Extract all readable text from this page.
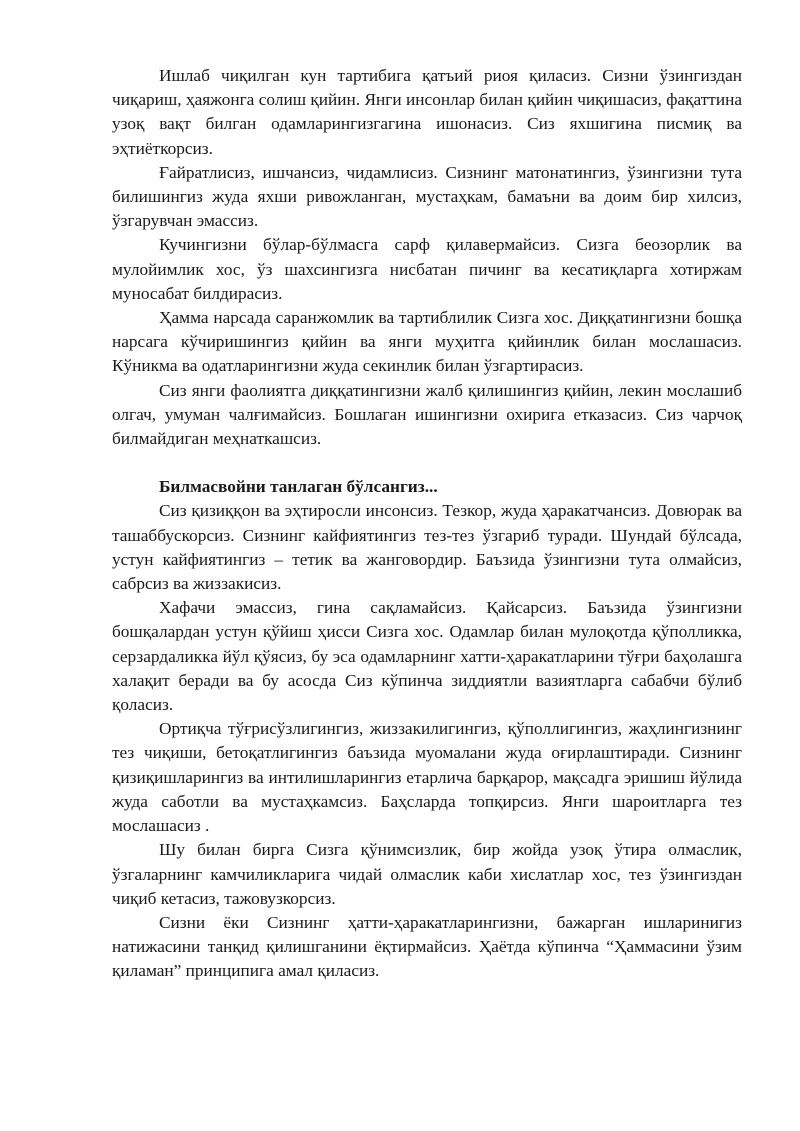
Ишлаб чиқилган кун тартибига қатъий риоя қиласиз. Сизни ўзингиздан чиқариш, ҳаяжонга солиш қийин. Янги инсонлар билан қийин чиқишасиз, фақаттина узоқ вақт билган одамларингизгагина ишонасиз. Сиз яхшигина писмиқ ва эҳтиёткорсиз.

Ғайратлисиз, ишчансиз, чидамлисиз. Сизнинг матонатингиз, ўзингизни тута билишингиз жуда яхши ривожланган, мустаҳкам, бамаъни ва доим бир хилсиз, ўзгарувчан эмассиз.

Кучингизни бўлар-бўлмасга сарф қилавермайсиз. Сизга беозорлик ва мулойимлик хос, ўз шахсингизга нисбатан пичинг ва кесатиқларга хотиржам муносабат билдирасиз.

Ҳамма нарсада саранжомлик ва тартиблилик Сизга хос. Диққатингизни бошқа нарсага кўчиришингиз қийин ва янги муҳитга қийинлик билан мослашасиз. Кўникма ва одатларингизни жуда секинлик билан ўзгартирасиз.

Сиз янги фаолиятга диққатингизни жалб қилишингиз қийин, лекин мослашиб олгач, умуман чалғимайсиз. Бошлаган ишингизни охирига етказасиз. Сиз чарчоқ билмайдиган меҳнаткашсиз.

Билмасвойни танлаган бўлсангиз...

Сиз қизиққон ва эҳтиросли инсонсиз. Тезкор, жуда ҳаракатчансиз. Довюрак ва ташаббускорсиз. Сизнинг кайфиятингиз тез-тез ўзгариб туради. Шундай бўлсада, устун кайфиятингиз – тетик ва жанговордир. Баъзида ўзингизни тута олмайсиз, сабрсиз ва жиззакисиз.

Хафачи эмассиз, гина сақламайсиз. Қайсарсиз. Баъзида ўзингизни бошқалардан устун қўйиш ҳисси Сизга хос. Одамлар билан мулоқотда қўполликка, серзардаликка йўл қўясиз, бу эса одамларнинг хатти-ҳаракатларини тўғри баҳолашга халақит беради ва бу асосда Сиз кўпинча зиддиятли вазиятларга сабабчи бўлиб қоласиз.

Ортиқча тўғрисўзлигингиз, жиззакилигингиз, қўполлигингиз, жаҳлингизнинг тез чиқиши, бетоқатлигингиз баъзида муомалани жуда оғирлаштиради. Сизнинг қизиқишларингиз ва интилишларингиз етарлича барқарор, мақсадга эришиш йўлида жуда саботли ва мустаҳкамсиз. Баҳсларда топқирсиз. Янги шароитларга тез мослашасиз .

Шу билан бирга Сизга қўнимсизлик, бир жойда узоқ ўтира олмаслик, ўзгаларнинг камчиликларига чидай олмаслик каби хислатлар хос, тез ўзингиздан чиқиб кетасиз, тажовузкорсиз.

Сизни ёки Сизнинг ҳатти-ҳаракатларингизни, бажарган ишларинигиз натижасини танқид қилишганини ёқтирмайсиз. Ҳаётда кўпинча “Ҳаммасини ўзим қиламан” принципига амал қиласиз.
